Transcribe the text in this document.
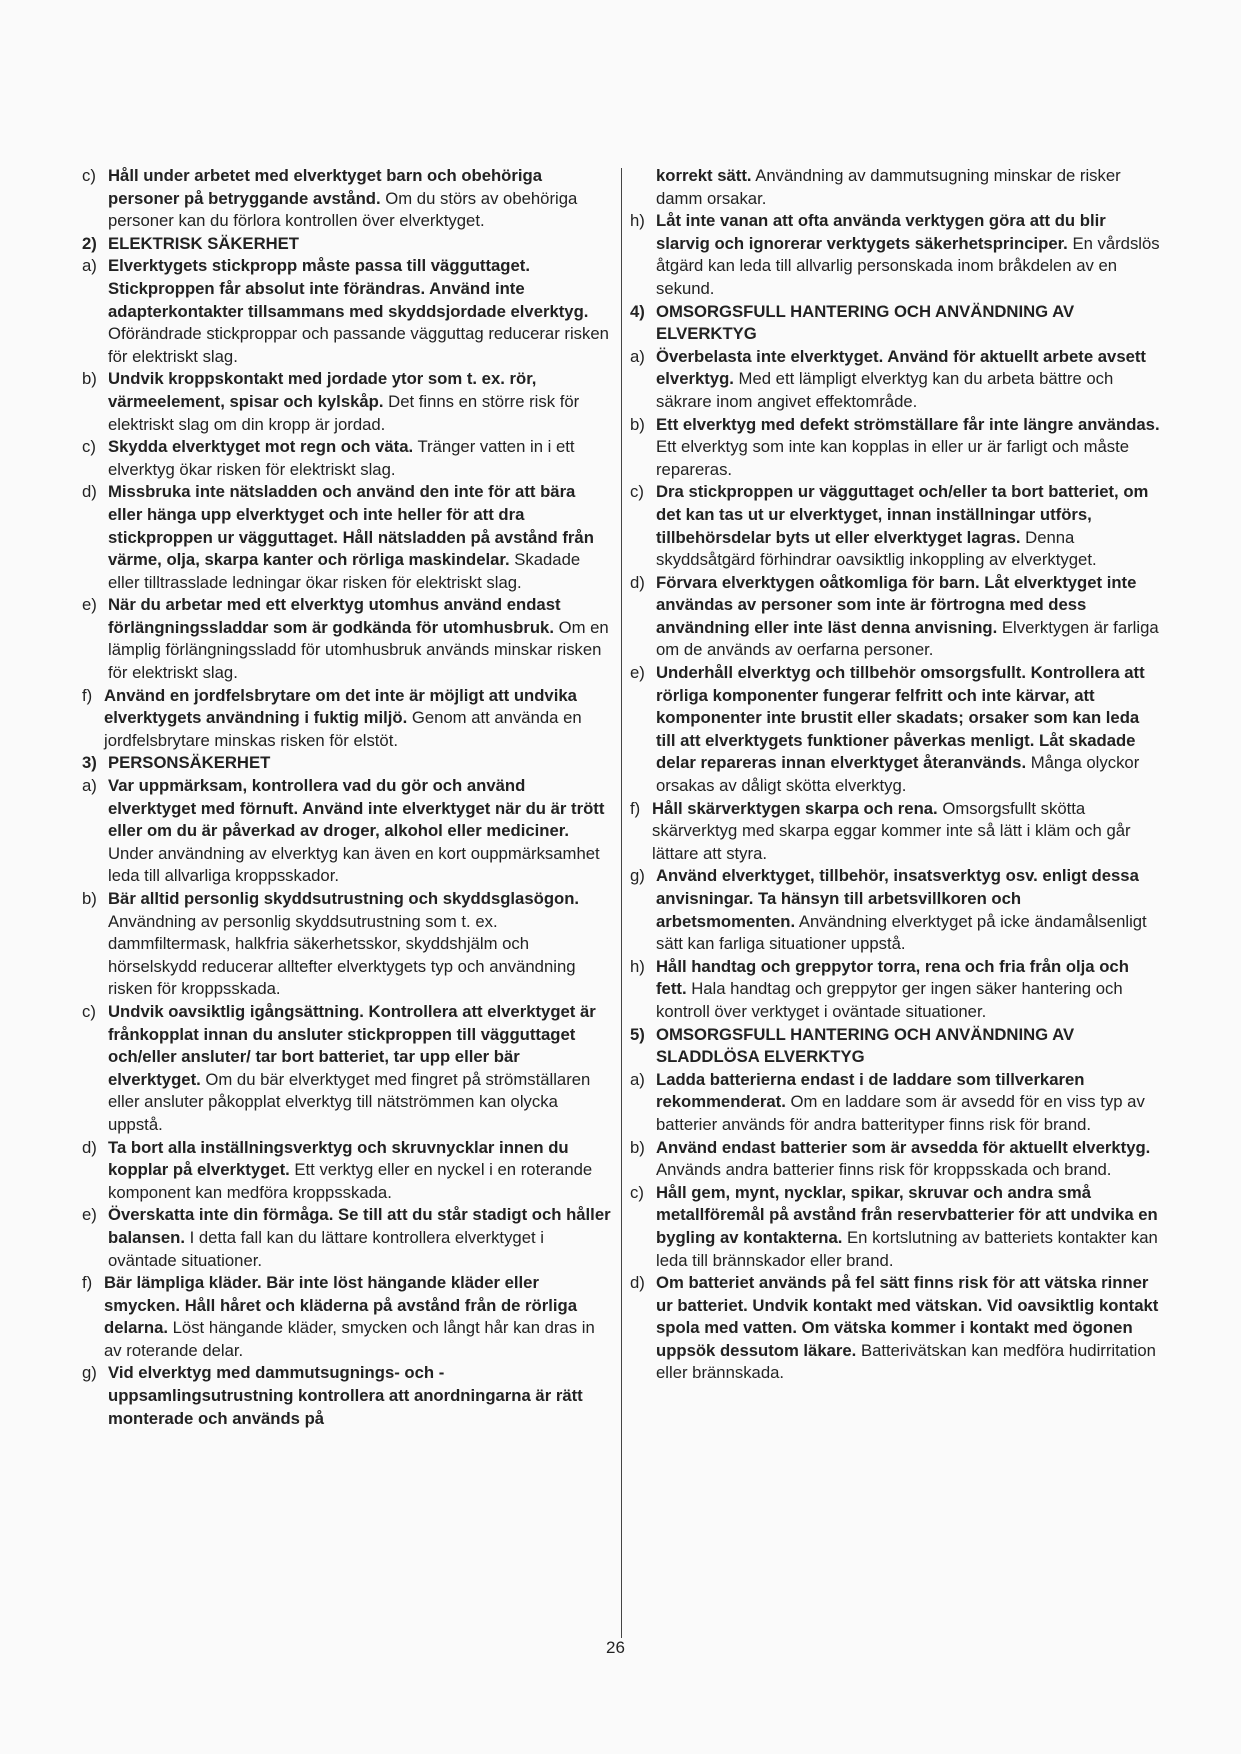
c) Håll under arbetet med elverktyget barn och obehöriga personer på betryggande avstånd. Om du störs av obehöriga personer kan du förlora kontrollen över elverktyget.
2) ELEKTRISK SÄKERHET
a) Elverktygets stickpropp måste passa till vägguttaget. Stickproppen får absolut inte förändras. Använd inte adapterkontakter tillsammans med skyddsjordade elverktyg. Oförändrade stickproppar och passande vägguttag reducerar risken för elektriskt slag.
b) Undvik kroppskontakt med jordade ytor som t. ex. rör, värmeelement, spisar och kylskåp. Det finns en större risk för elektriskt slag om din kropp är jordad.
c) Skydda elverktyget mot regn och väta. Tränger vatten in i ett elverktyg ökar risken för elektriskt slag.
d) Missbruka inte nätsladden och använd den inte för att bära eller hänga upp elverktyget och inte heller för att dra stickproppen ur vägguttaget. Håll nätsladden på avstånd från värme, olja, skarpa kanter och rörliga maskindelar. Skadade eller tilltrasslade ledningar ökar risken för elektriskt slag.
e) När du arbetar med ett elverktyg utomhus använd endast förlängningssladdar som är godkända för utomhusbruk. Om en lämplig förlängningssladd för utomhusbruk används minskar risken för elektriskt slag.
f) Använd en jordfelsbrytare om det inte är möjligt att undvika elverktygets användning i fuktig miljö. Genom att använda en jordfelsbrytare minskas risken för elstöt.
3) PERSONSÄKERHET
a) Var uppmärksam, kontrollera vad du gör och använd elverktyget med förnuft. Använd inte elverktyget när du är trött eller om du är påverkad av droger, alkohol eller mediciner. Under användning av elverktyg kan även en kort ouppmärksamhet leda till allvarliga kroppsskador.
b) Bär alltid personlig skyddsutrustning och skyddsglasögon. Användning av personlig skyddsutrustning som t. ex. dammfiltermask, halkfria säkerhetsskor, skyddshjälm och hörselskydd reducerar alltefter elverktygets typ och användning risken för kroppsskada.
c) Undvik oavsiktlig igångsättning. Kontrollera att elverktyget är frånkopplat innan du ansluter stickproppen till vägguttaget och/eller ansluter/ tar bort batteriet, tar upp eller bär elverktyget. Om du bär elverktyget med fingret på strömställaren eller ansluter påkopplat elverktyg till nätströmmen kan olycka uppstå.
d) Ta bort alla inställningsverktyg och skruvnycklar innen du kopplar på elverktyget. Ett verktyg eller en nyckel i en roterande komponent kan medföra kroppsskada.
e) Överskatta inte din förmåga. Se till att du står stadigt och håller balansen. I detta fall kan du lättare kontrollera elverktyget i oväntade situationer.
f) Bär lämpliga kläder. Bär inte löst hängande kläder eller smycken. Håll håret och kläderna på avstånd från de rörliga delarna. Löst hängande kläder, smycken och långt hår kan dras in av roterande delar.
g) Vid elverktyg med dammutsugnings- och -uppsamlingsutrustning kontrollera att anordningarna är rätt monterade och används på
korrekt sätt. Användning av dammutsugning minskar de risker damm orsakar.
h) Låt inte vanan att ofta använda verktygen göra att du blir slarvig och ignorerar verktygets säkerhetsprinciper. En vårdslös åtgärd kan leda till allvarlig personskada inom bråkdelen av en sekund.
4) OMSORGSFULL HANTERING OCH ANVÄNDNING AV ELVERKTYG
a) Överbelasta inte elverktyget. Använd för aktuellt arbete avsett elverktyg. Med ett lämpligt elverktyg kan du arbeta bättre och säkrare inom angivet effektområde.
b) Ett elverktyg med defekt strömställare får inte längre användas. Ett elverktyg som inte kan kopplas in eller ur är farligt och måste repareras.
c) Dra stickproppen ur vägguttaget och/eller ta bort batteriet, om det kan tas ut ur elverktyget, innan inställningar utförs, tillbehörsdelar byts ut eller elverktyget lagras. Denna skyddsåtgärd förhindrar oavsiktlig inkoppling av elverktyget.
d) Förvara elverktygen oåtkomliga för barn. Låt elverktyget inte användas av personer som inte är förtrogna med dess användning eller inte läst denna anvisning. Elverktygen är farliga om de används av oerfarna personer.
e) Underhåll elverktyg och tillbehör omsorgsfullt. Kontrollera att rörliga komponenter fungerar felfritt och inte kärvar, att komponenter inte brustit eller skadats; orsaker som kan leda till att elverktygets funktioner påverkas menligt. Låt skadade delar repareras innan elverktyget återanvänds. Många olyckor orsakas av dåligt skötta elverktyg.
f) Håll skärverktygen skarpa och rena. Omsorgsfullt skötta skärverktyg med skarpa eggar kommer inte så lätt i kläm och går lättare att styra.
g) Använd elverktyget, tillbehör, insatsverktyg osv. enligt dessa anvisningar. Ta hänsyn till arbetsvillkoren och arbetsmomenten. Användning elverktyget på icke ändamålsenligt sätt kan farliga situationer uppstå.
h) Håll handtag och greppytor torra, rena och fria från olja och fett. Hala handtag och greppytor ger ingen säker hantering och kontroll över verktyget i oväntade situationer.
5) OMSORGSFULL HANTERING OCH ANVÄNDNING AV SLADDLÖSA ELVERKTYG
a) Ladda batterierna endast i de laddare som tillverkaren rekommenderat. Om en laddare som är avsedd för en viss typ av batterier används för andra batterityper finns risk för brand.
b) Använd endast batterier som är avsedda för aktuellt elverktyg. Används andra batterier finns risk för kroppsskada och brand.
c) Håll gem, mynt, nycklar, spikar, skruvar och andra små metallföremål på avstånd från reservbatterier för att undvika en bygling av kontakterna. En kortslutning av batteriets kontakter kan leda till brännskador eller brand.
d) Om batteriet används på fel sätt finns risk för att vätska rinner ur batteriet. Undvik kontakt med vätskan. Vid oavsiktlig kontakt spola med vatten. Om vätska kommer i kontakt med ögonen uppsök dessutom läkare. Batterivätskan kan medföra hudirritation eller brännskada.
26
